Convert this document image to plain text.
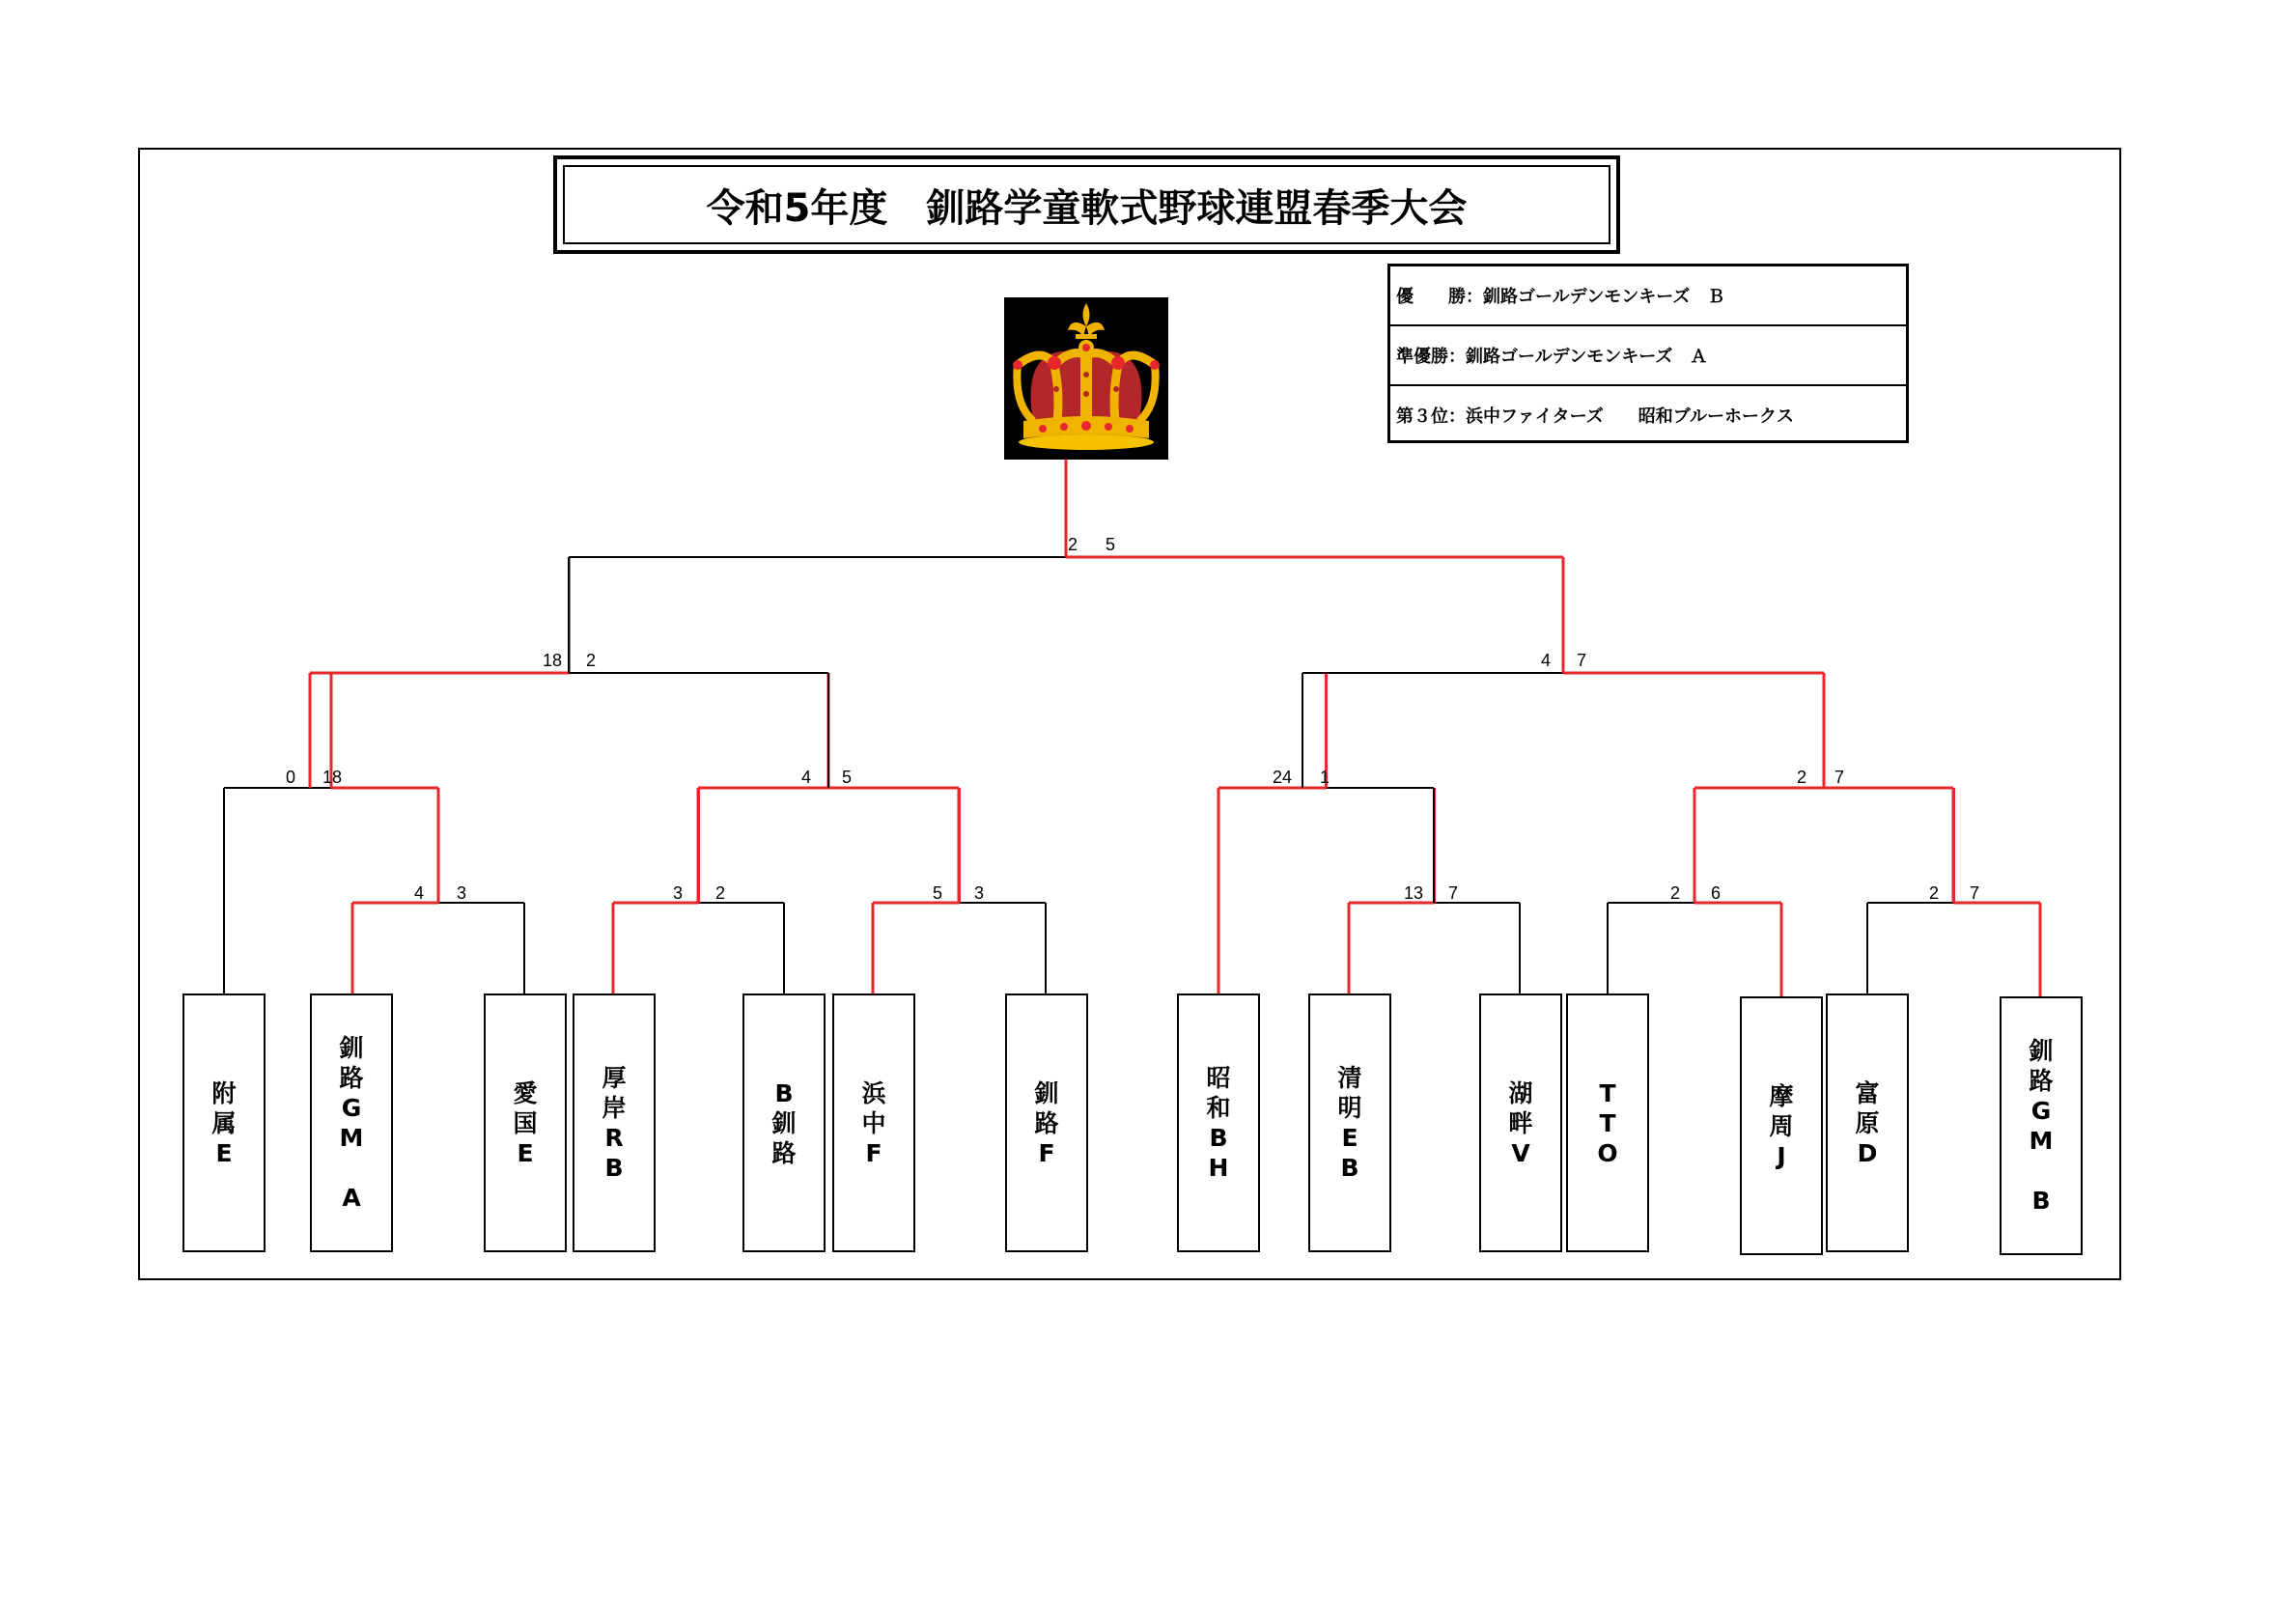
令和5年度　釧路学童軟式野球連盟春季大会
優　　勝： 釧路ゴールデンモンキーズ　Ｂ
準優勝： 釧路ゴールデンモンキーズ　Ａ
第３位： 浜中ファイターズ　　昭和ブルーホークス
附
属
E
釧
路
G
M

A
愛
国
E
厚
岸
R
B
B
釧
路
浜
中
F
釧
路
F
昭
和
B
H
清
明
E
B
湖
畔
V
T
T
O
摩
周
J
富
原
D
釧
路
G
M

B
2 5
18 2	4 7
0 18	4 5	24 1	2 7
4 3	3 2	5 3	13 7	2 6	2 7
